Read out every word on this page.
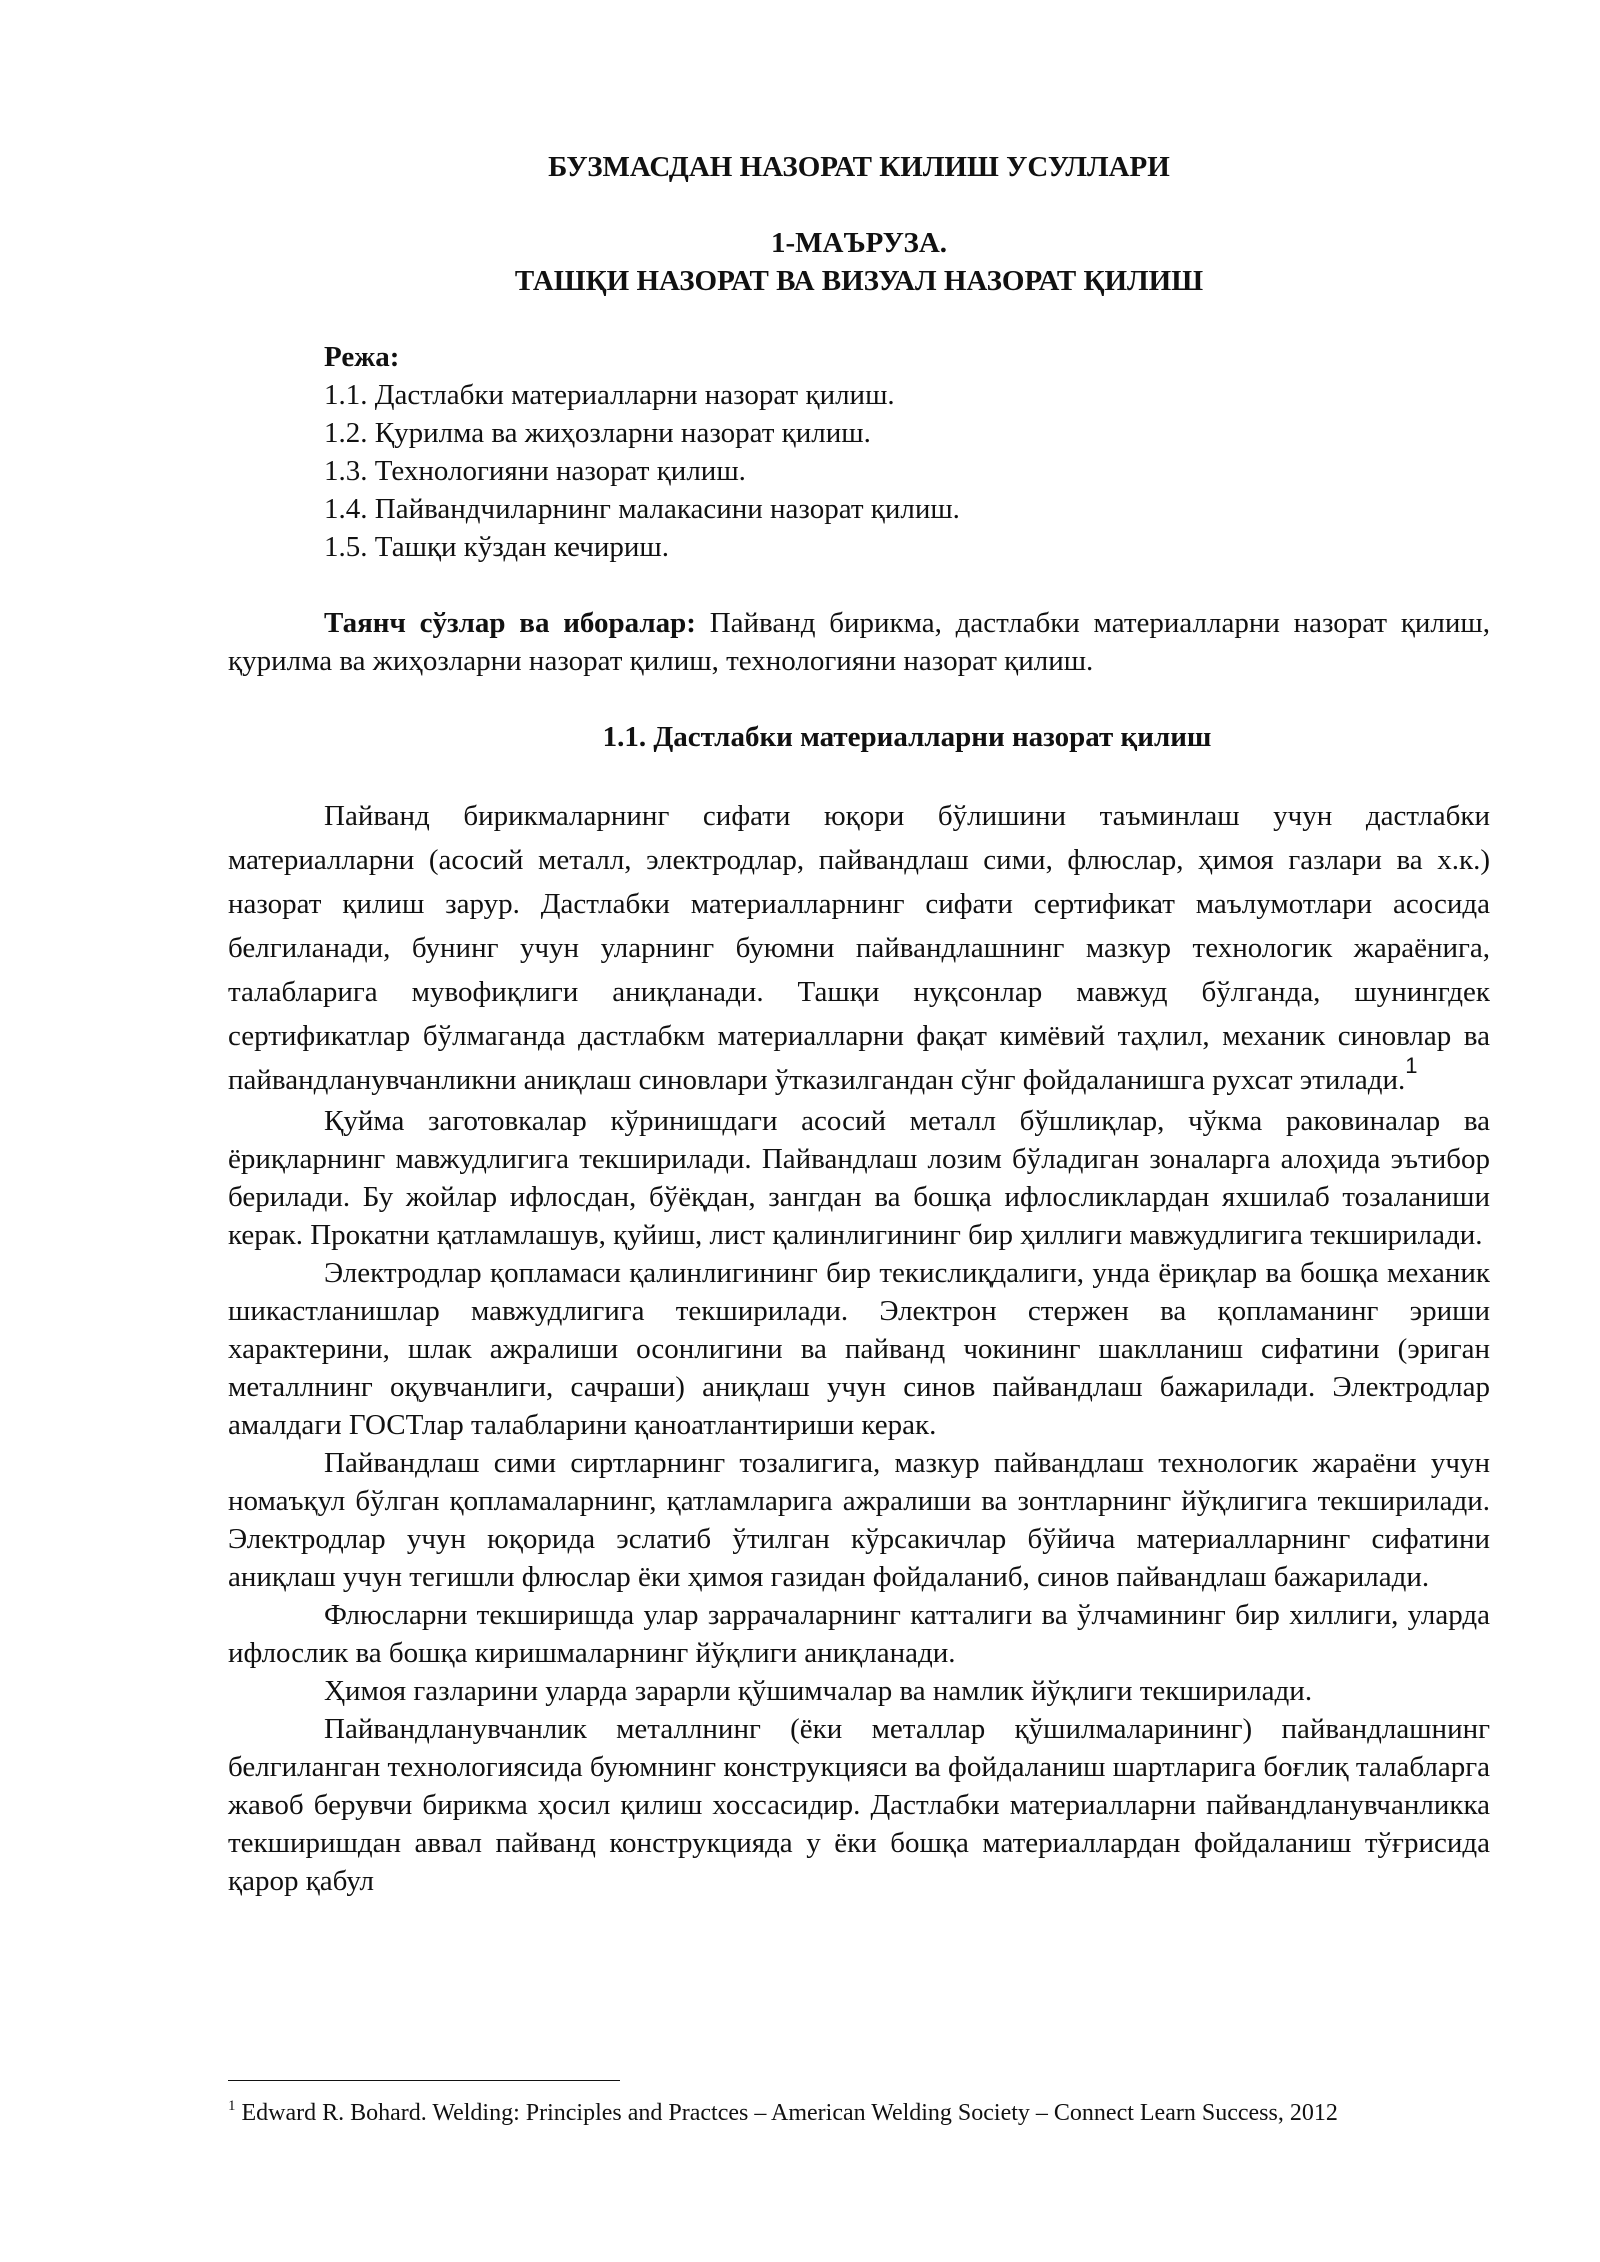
БУЗМАСДАН НАЗОРАТ КИЛИШ УСУЛЛАРИ
1-МАЪРУЗА.
ТАШҚИ НАЗОРАТ ВА ВИЗУАЛ НАЗОРАТ ҚИЛИШ
Режа:
1.1. Дастлабки материалларни назорат қилиш.
1.2. Қурилма ва жиҳозларни назорат қилиш.
1.3. Технологияни назорат қилиш.
1.4. Пайвандчиларнинг малакасини назорат қилиш.
1.5. Ташқи кўздан кечириш.

Таянч сўзлар ва иборалар: Пайванд бирикма, дастлабки материалларни назорат қилиш, қурилма ва жиҳозларни назорат қилиш, технологияни назорат қилиш.

1.1. Дастлабки материалларни назорат қилиш

Пайванд бирикмаларнинг сифати юқори бўлишини таъминлаш учун дастлабки материалларни (асосий металл, электродлар, пайвандлаш сими, флюслар, ҳимоя газлари ва х.к.) назорат қилиш зарур. Дастлабки материалларнинг сифати сертификат маълумотлари асосида белгиланади, бунинг учун уларнинг буюмни пайвандлашнинг мазкур технологик жараёнига, талабларига мувофиқлиги аниқланади. Ташқи нуқсонлар мавжуд бўлганда, шунингдек сертификатлар бўлмаганда дастлабкм материалларни фақат кимёвий таҳлил, механик синовлар ва пайвандланувчанликни аниқлаш синовлари ўтказилгандан сўнг фойдаланишга рухсат этилади.$^1$

Қуйма заготовкалар кўринишдаги асосий металл бўшлиқлар, чўкма раковиналар ва ёриқларнинг мавжудлигига текширилади. Пайвандлаш лозим бўладиган зоналарга алоҳида эътибор берилади. Бу жойлар ифлосдан, бўёқдан, зангдан ва бошқа ифлосликлардан яхшилаб тозаланиши керак. Прокатни қатламлашув, қуйиш, лист қалинлигининг бир ҳиллиги мавжудлигига текширилади.

Электродлар қопламаси қалинлигининг бир текислиқдалиги, унда ёриқлар ва бошқа механик шикастланишлар мавжудлигига текширилади. Электрон стержен ва қопламанинг эриши характерини, шлак ажралиши осонлигини ва пайванд чокининг шаклланиш сифатини (эриган металлнинг оқувчанлиги, сачраши) аниқлаш учун синов пайвандлаш бажарилади. Электродлар амалдаги ГОСТлар талабларини қаноатлантириши керак.

Пайвандлаш сими сиртларнинг тозалигига, мазкур пайвандлаш технологик жараёни учун номаъқул бўлган қопламаларнинг, қатламларига ажралиши ва зонтларнинг йўқлигига текширилади. Электродлар учун юқорида эслатиб ўтилган кўрсакичлар бўйича материалларнинг сифатини аниқлаш учун тегишли флюслар ёки ҳимоя газидан фойдаланиб, синов пайвандлаш бажарилади.

Флюсларни текширишда улар заррачаларнинг катталиги ва ўлчамининг бир хиллиги, уларда ифлослик ва бошқа киришмаларнинг йўқлиги аниқланади.

Ҳимоя газларини уларда зарарли қўшимчалар ва намлик йўқлиги текширилади.

Пайвандланувчанлик металлнинг (ёки металлар қўшилмаларининг) пайвандлашнинг белгиланган технологиясида буюмнинг конструкцияси ва фойдаланиш шартларига боғлиқ талабларга жавоб берувчи бирикма ҳосил қилиш хоссасидир. Дастлабки материалларни пайвандланувчанликка текширишдан аввал пайванд конструкцияда у ёки бошқа материаллардан фойдаланиш тўғрисида қарор қабул

$^1$ Edward R. Bohard. Welding: Principles and Practces – American Welding Society – Connect Learn Success, 2012
